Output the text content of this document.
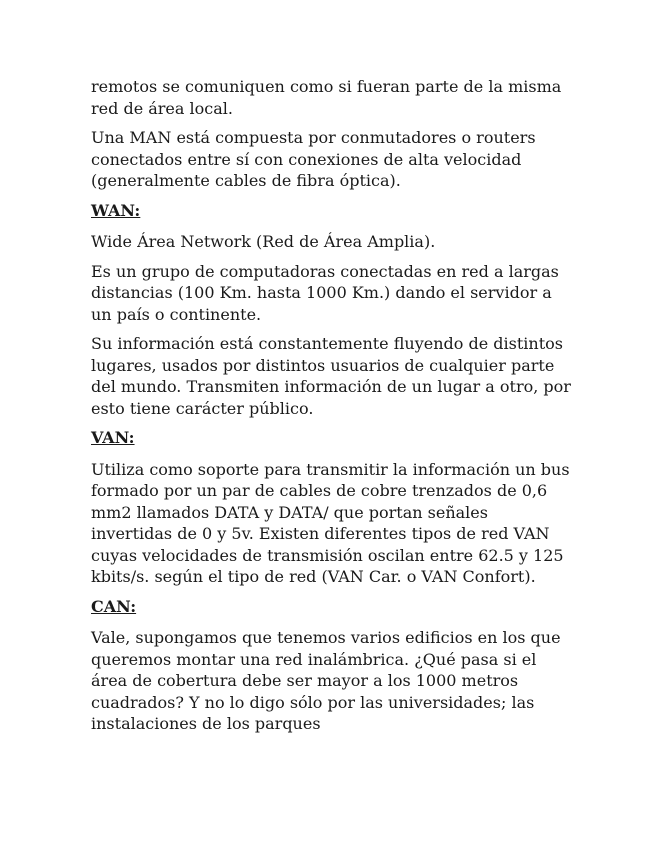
remotos se comuniquen como si fueran parte de la misma red de área local.

Una MAN está compuesta por conmutadores o routers conectados entre sí con conexiones de alta velocidad (generalmente cables de fibra óptica).

WAN:

Wide Área Network (Red de Área Amplia).

Es un grupo de computadoras conectadas en red a largas distancias (100 Km. hasta 1000 Km.) dando el servidor a un país o continente.

Su información está constantemente fluyendo de distintos lugares, usados por distintos usuarios de cualquier parte del mundo. Transmiten información de un lugar a otro, por esto tiene carácter público.

VAN:

Utiliza como soporte para transmitir la información un bus formado por un par de cables de cobre trenzados de 0,6 mm2 llamados DATA y DATA/ que portan señales invertidas de 0 y 5v. Existen diferentes tipos de red VAN cuyas velocidades de transmisión oscilan entre 62.5 y 125 kbits/s. según el tipo de red (VAN Car. o VAN Confort).

CAN:

Vale, supongamos que tenemos varios edificios en los que queremos montar una red inalámbrica. ¿Qué pasa si el área de cobertura debe ser mayor a los 1000 metros cuadrados? Y no lo digo sólo por las universidades; las instalaciones de los parques
